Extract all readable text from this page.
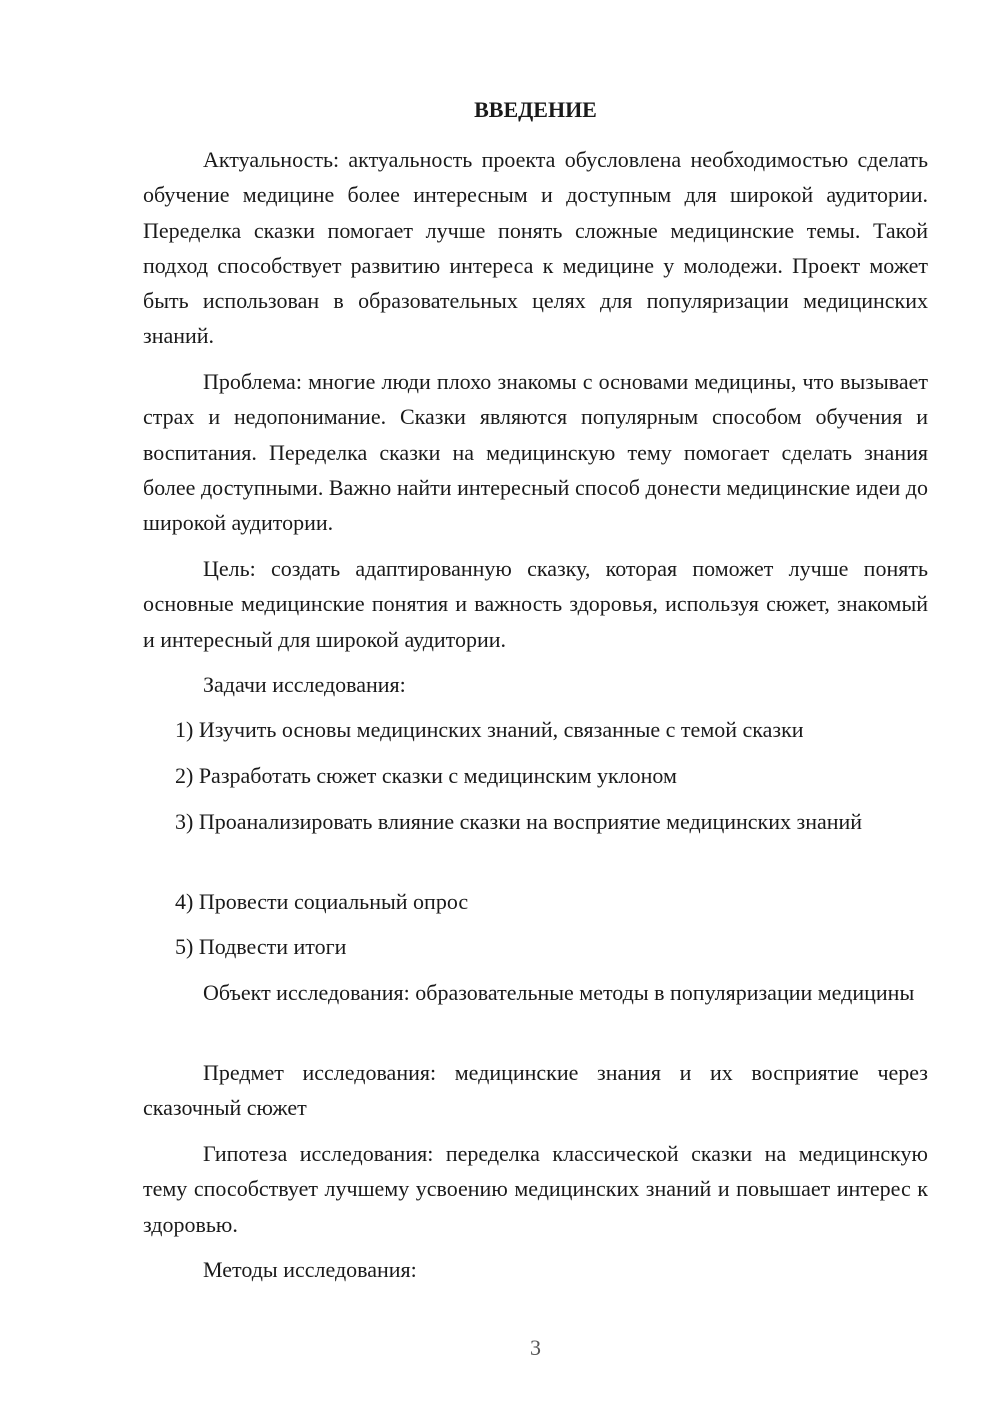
ВВЕДЕНИЕ

Актуальность: актуальность проекта обусловлена необходимостью сделать обучение медицине более интересным и доступным для широкой аудитории. Переделка сказки помогает лучше понять сложные медицинские темы. Такой подход способствует развитию интереса к медицине у молодежи. Проект может быть использован в образовательных целях для популяризации медицинских знаний.

Проблема: многие люди плохо знакомы с основами медицины, что вызывает страх и недопонимание. Сказки являются популярным способом обучения и воспитания. Переделка сказки на медицинскую тему помогает сделать знания более доступными. Важно найти интересный способ донести медицинские идеи до широкой аудитории.

Цель: создать адаптированную сказку, которая поможет лучше понять основные медицинские понятия и важность здоровья, используя сюжет, знакомый и интересный для широкой аудитории.

Задачи исследования:

1) Изучить основы медицинских знаний, связанные с темой сказки

2) Разработать сюжет сказки с медицинским уклоном

3) Проанализировать влияние сказки на восприятие медицинских знаний

4) Провести социальный опрос

5) Подвести итоги

Объект исследования: образовательные методы в популяризации медицины

Предмет исследования: медицинские знания и их восприятие через сказочный сюжет

Гипотеза исследования: переделка классической сказки на медицинскую тему способствует лучшему усвоению медицинских знаний и повышает интерес к здоровью.

Методы исследования:

3
